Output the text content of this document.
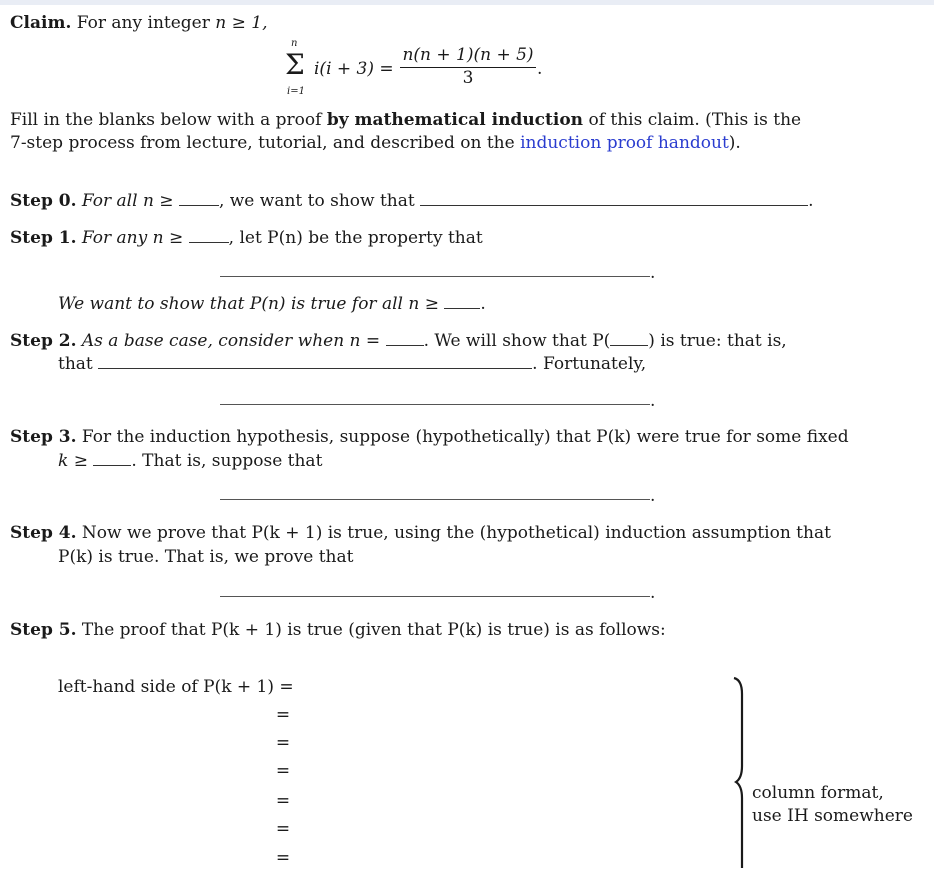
Claim. For any integer n ≥ 1,
n
Σ
i=1
i(i + 3) =
n(n + 1)(n + 5)
3	.
Fill in the blanks below with a proof by mathematical induction of this claim. (This is the
7-step process from lecture, tutorial, and described on the induction proof handout).
Step 0. For all n ≥	, we want to show that	.
Step 1. For any n ≥	, let P(n) be the property that
.
We want to show that P(n) is true for all n ≥ .
Step 2. As a base case, consider when n =	. We will show that P( ) is true: that is,
that	. Fortunately,
.
Step 3. For the induction hypothesis, suppose (hypothetically) that P(k) were true for some fixed
k ≥	. That is, suppose that
.
Step 4. Now we prove that P(k + 1) is true, using the (hypothetical) induction assumption that
P(k) is true. That is, we prove that
.
Step 5. The proof that P(k + 1) is true (given that P(k) is true) is as follows:
left-hand side of P(k + 1) =
=
=
=
=
=
=
column format,
use IH somewhere
